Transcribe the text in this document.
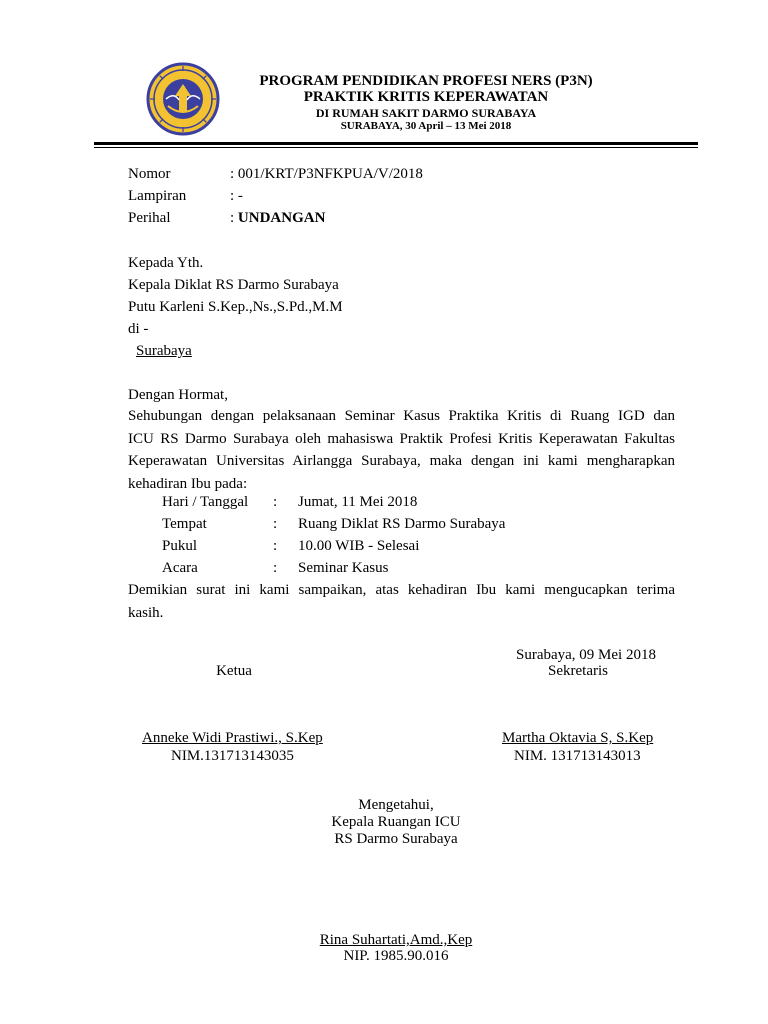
PROGRAM PENDIDIKAN PROFESI NERS (P3N)
PRAKTIK KRITIS KEPERAWATAN
DI RUMAH SAKIT DARMO SURABAYA
SURABAYA, 30 April – 13 Mei 2018
Nomor	: 001/KRT/P3NFKPUA/V/2018
Lampiran	: -
Perihal	: UNDANGAN
Kepada Yth.
Kepala Diklat RS Darmo Surabaya
Putu Karleni S.Kep.,Ns.,S.Pd.,M.M
di -
Surabaya
Dengan Hormat,
Sehubungan dengan pelaksanaan Seminar Kasus Praktika Kritis di Ruang IGD dan
ICU RS Darmo Surabaya oleh mahasiswa Praktik Profesi Kritis Keperawatan Fakultas
Keperawatan Universitas Airlangga Surabaya, maka dengan ini kami mengharapkan
kehadiran Ibu pada:
Hari / Tanggal : Jumat, 11 Mei 2018
Tempat	: Ruang Diklat RS Darmo Surabaya
Pukul	: 10.00 WIB - Selesai
Acara	: Seminar Kasus
Demikian surat ini kami sampaikan, atas kehadiran Ibu kami mengucapkan terima
kasih.
Surabaya, 09 Mei 2018
Ketua	Sekretaris
Anneke Widi Prastiwi., S.Kep
NIM.131713143035
Martha Oktavia S, S.Kep
NIM. 131713143013
Mengetahui,
Kepala Ruangan ICU
RS Darmo Surabaya
Rina Suhartati,Amd.,Kep
NIP. 1985.90.016
